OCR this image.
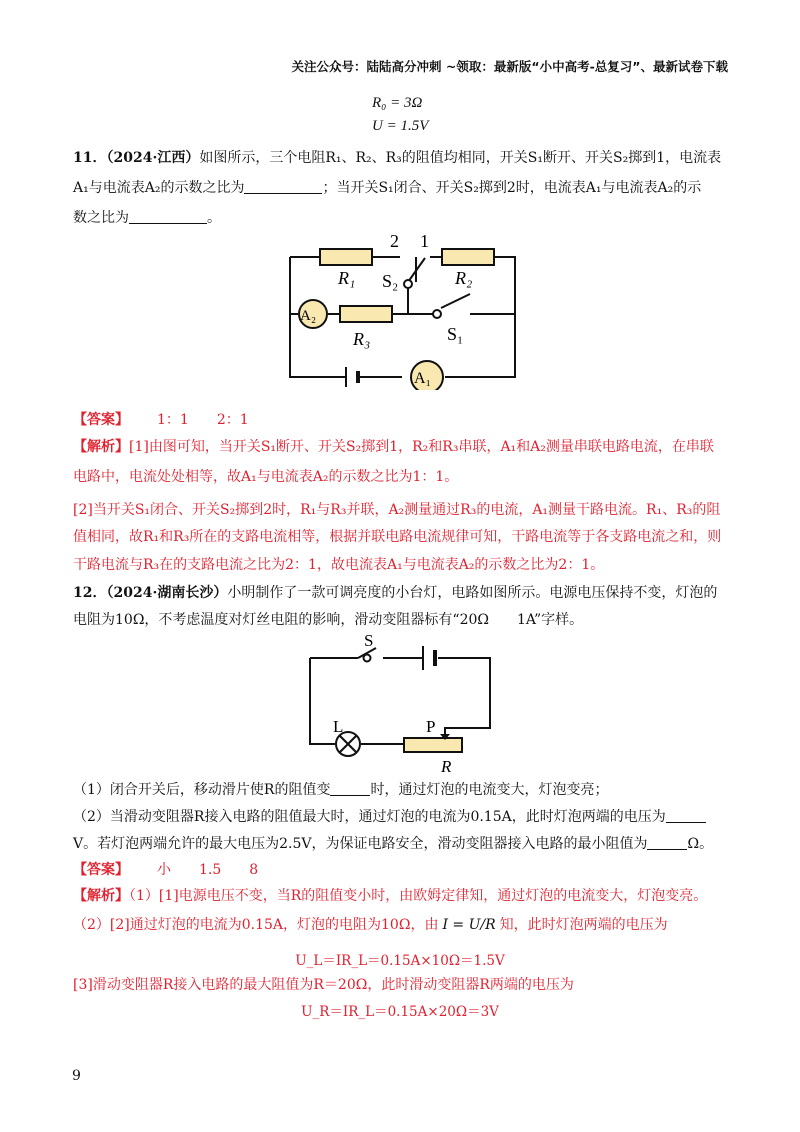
关注公众号：陆陆高分冲刺 ~领取：最新版“小中高考-总复习”、最新试卷下载
R₀ = 3Ω
U = 1.5V
11．（2024·江西）如图所示，三个电阻R₁、R₂、R₃的阻值均相同，开关S₁断开、开关S₂掷到1，电流表
A₁与电流表A₂的示数之比为	；当开关S₁闭合、开关S₂掷到2时，电流表A₁与电流表A₂的示
数之比为	。
R₁	R₂
R₃
S₂
S₁
A₂
A₁
2 1
【答案】 1：1　　2：1
【解析】[1]由图可知，当开关S₁断开、开关S₂掷到1，R₂和R₃串联，A₁和A₂测量串联电路电流，在串联
电路中，电流处处相等，故A₁与电流表A₂的示数之比为1：1。
[2]当开关S₁闭合、开关S₂掷到2时，R₁与R₃并联，A₂测量通过R₃的电流，A₁测量干路电流。R₁、R₃的阻
值相同，故R₁和R₃所在的支路电流相等，根据并联电路电流规律可知，干路电流等于各支路电流之和，则
干路电流与R₃在的支路电流之比为2：1，故电流表A₁与电流表A₂的示数之比为2：1。
12．（2024·湖南长沙）小明制作了一款可调亮度的小台灯，电路如图所示。电源电压保持不变，灯泡的
电阻为10Ω，不考虑温度对灯丝电阻的影响，滑动变阻器标有“20Ω　　1A”字样。
S
L	P
R
（1）闭合开关后，移动滑片使R的阻值变	时，通过灯泡的电流变大，灯泡变亮；
（2）当滑动变阻器R接入电路的阻值最大时，通过灯泡的电流为0.15A，此时灯泡两端的电压为
V。若灯泡两端允许的最大电压为2.5V，为保证电路安全，滑动变阻器接入电路的最小阻值为	Ω。
【答案】 小　　1.5　　8
【解析】（1）[1]电源电压不变，当R的阻值变小时，由欧姆定律知，通过灯泡的电流变大，灯泡变亮。
（2）[2]通过灯泡的电流为0.15A，灯泡的电阻为10Ω，由 I = U/R 知，此时灯泡两端的电压为
U_L＝IR_L＝0.15A×10Ω＝1.5V
[3]滑动变阻器R接入电路的最大阻值为R＝20Ω，此时滑动变阻器R两端的电压为
U_R＝IR_L＝0.15A×20Ω＝3V
9
